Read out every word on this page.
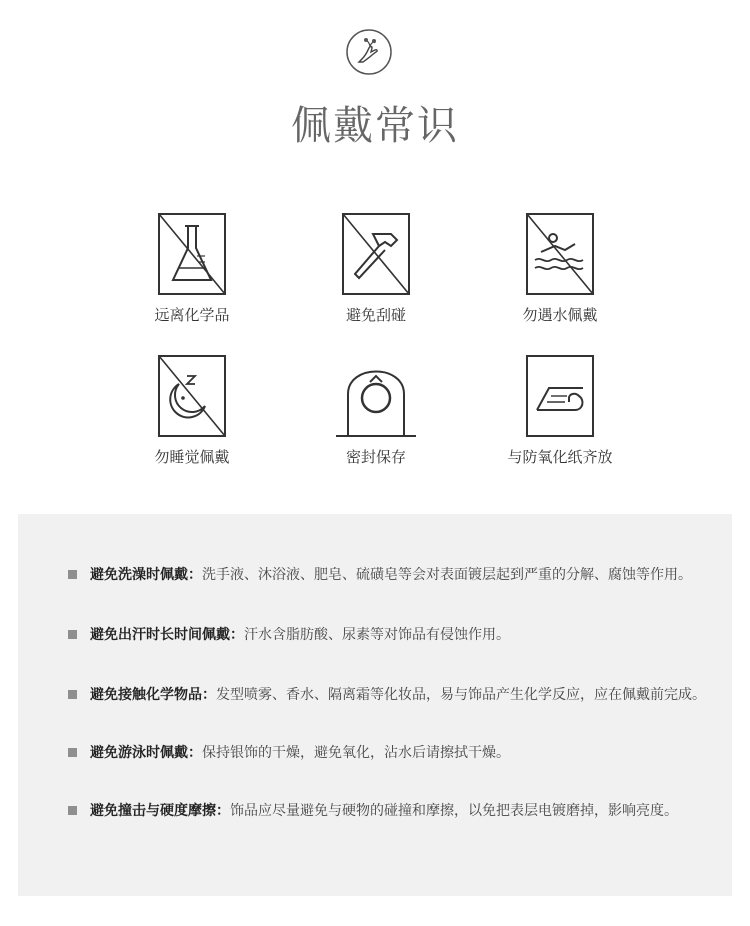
佩戴常识
远离化学品	避免刮碰	勿遇水佩戴
勿睡觉佩戴	密封保存	与防氧化纸齐放
避免洗澡时佩戴：洗手液、沐浴液、肥皂、硫磺皂等会对表面镀层起到严重的分解、腐蚀等作用。
避免出汗时长时间佩戴：汗水含脂肪酸、尿素等对饰品有侵蚀作用。
避免接触化学物品：发型喷雾、香水、隔离霜等化妆品，易与饰品产生化学反应，应在佩戴前完成。
避免游泳时佩戴：保持银饰的干燥，避免氧化，沾水后请擦拭干燥。
避免撞击与硬度摩擦：饰品应尽量避免与硬物的碰撞和摩擦，以免把表层电镀磨掉，影响亮度。
